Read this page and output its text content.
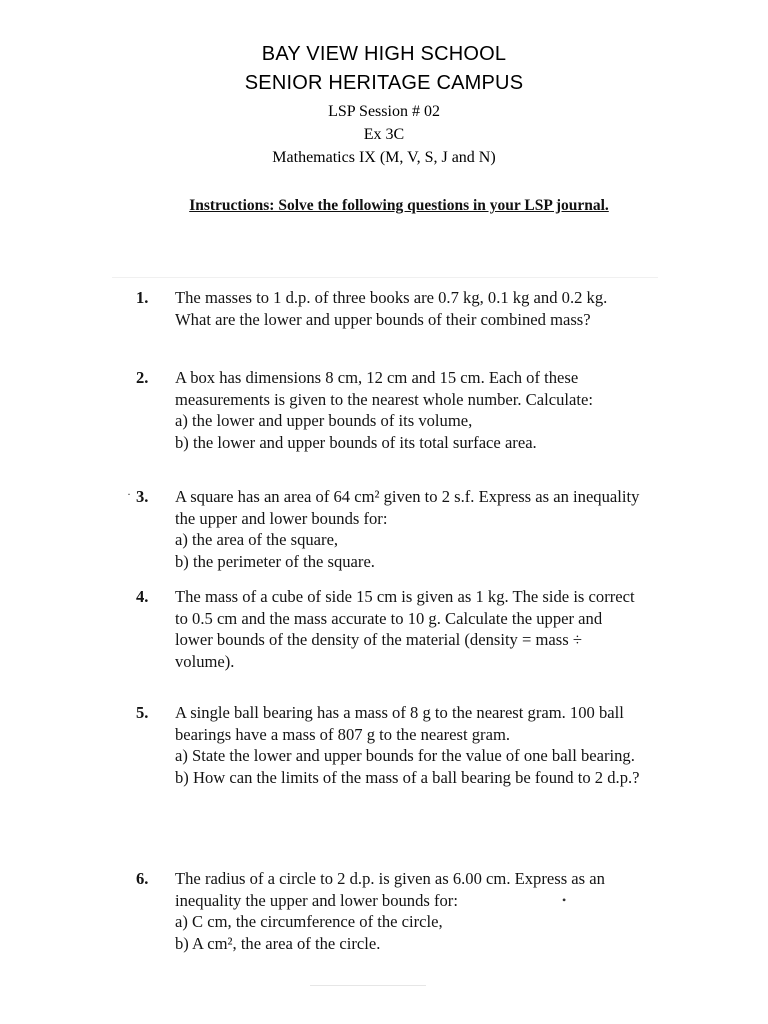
BAY VIEW HIGH SCHOOL
SENIOR HERITAGE CAMPUS
LSP Session # 02
Ex 3C
Mathematics IX (M, V, S, J and N)
Instructions: Solve the following questions in your LSP journal.
1. The masses to 1 d.p. of three books are 0.7 kg, 0.1 kg and 0.2 kg. What are the lower and upper bounds of their combined mass?
2. A box has dimensions 8 cm, 12 cm and 15 cm. Each of these measurements is given to the nearest whole number. Calculate:
a) the lower and upper bounds of its volume,
b) the lower and upper bounds of its total surface area.
3. A square has an area of 64 cm² given to 2 s.f. Express as an inequality the upper and lower bounds for:
a) the area of the square,
b) the perimeter of the square.
4. The mass of a cube of side 15 cm is given as 1 kg. The side is correct to 0.5 cm and the mass accurate to 10 g. Calculate the upper and lower bounds of the density of the material (density = mass ÷ volume).
5. A single ball bearing has a mass of 8 g to the nearest gram. 100 ball bearings have a mass of 807 g to the nearest gram.
a) State the lower and upper bounds for the value of one ball bearing.
b) How can the limits of the mass of a ball bearing be found to 2 d.p.?
6. The radius of a circle to 2 d.p. is given as 6.00 cm. Express as an inequality the upper and lower bounds for:
a) C cm, the circumference of the circle,
b) A cm², the area of the circle.
·
•
